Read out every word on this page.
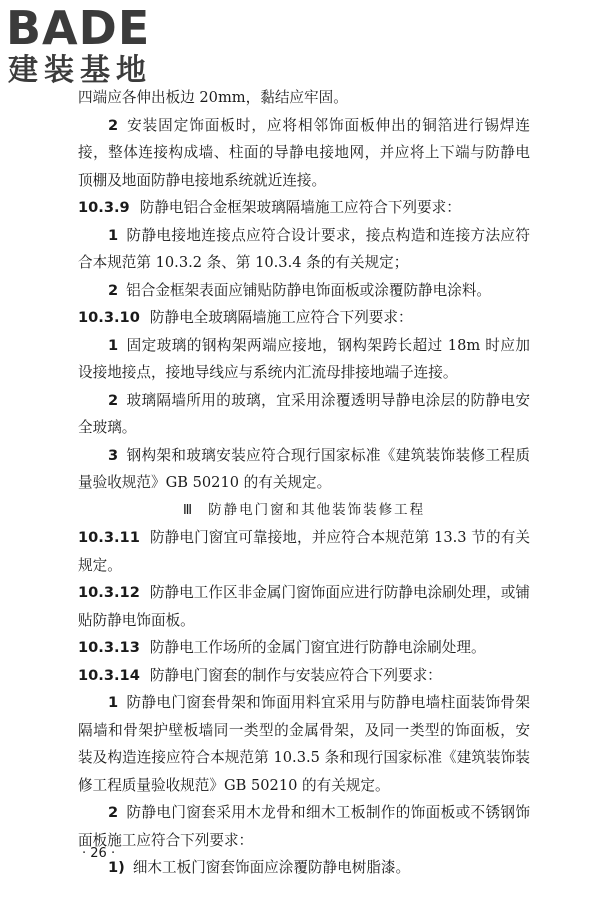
BADE
建装基地

四端应各伸出板边 20mm，黏结应牢固。

2 安装固定饰面板时，应将相邻饰面板伸出的铜箔进行锡焊连接，整体连接构成墙、柱面的导静电接地网，并应将上下端与防静电顶棚及地面防静电接地系统就近连接。

10.3.9 防静电铝合金框架玻璃隔墙施工应符合下列要求：

1 防静电接地连接点应符合设计要求，接点构造和连接方法应符合本规范第 10.3.2 条、第 10.3.4 条的有关规定；

2 铝合金框架表面应铺贴防静电饰面板或涂覆防静电涂料。

10.3.10 防静电全玻璃隔墙施工应符合下列要求：

1 固定玻璃的钢构架两端应接地，钢构架跨长超过 18m 时应加设接地接点，接地导线应与系统内汇流母排接地端子连接。

2 玻璃隔墙所用的玻璃，宜采用涂覆透明导静电涂层的防静电安全玻璃。

3 钢构架和玻璃安装应符合现行国家标准《建筑装饰装修工程质量验收规范》GB 50210 的有关规定。

Ⅲ 防静电门窗和其他装饰装修工程

10.3.11 防静电门窗宜可靠接地，并应符合本规范第 13.3 节的有关规定。

10.3.12 防静电工作区非金属门窗饰面应进行防静电涂刷处理，或铺贴防静电饰面板。

10.3.13 防静电工作场所的金属门窗宜进行防静电涂刷处理。

10.3.14 防静电门窗套的制作与安装应符合下列要求：

1 防静电门窗套骨架和饰面用料宜采用与防静电墙柱面装饰骨架隔墙和骨架护壁板墙同一类型的金属骨架，及同一类型的饰面板，安装及构造连接应符合本规范第 10.3.5 条和现行国家标准《建筑装饰装修工程质量验收规范》GB 50210 的有关规定。

2 防静电门窗套采用木龙骨和细木工板制作的饰面板或不锈钢饰面板施工应符合下列要求：

1) 细木工板门窗套饰面应涂覆防静电树脂漆。

· 26 ·
